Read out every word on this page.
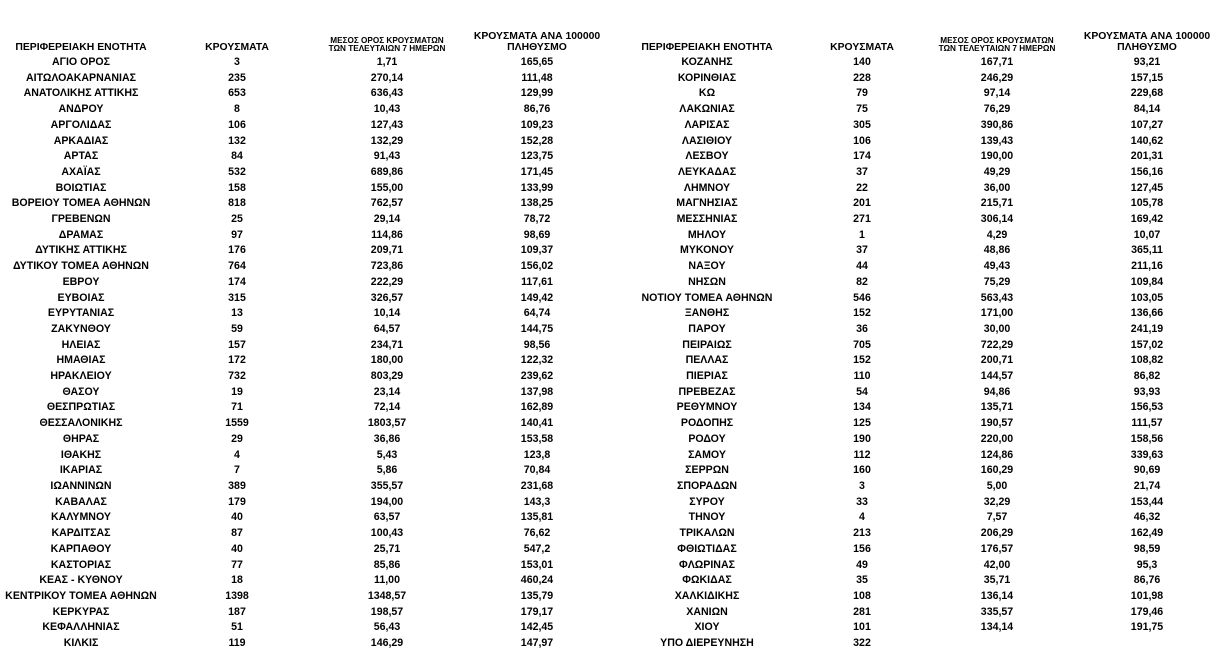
ΠΕΡΙΦΕΡΕΙΑΚΗ ΕΝΟΤΗΤΑ	ΚΡΟΥΣΜΑΤΑ	ΜΕΣΟΣ ΟΡΟΣ ΚΡΟΥΣΜΑΤΩΝ
ΤΩΝ ΤΕΛΕΥΤΑΙΩΝ 7 ΗΜΕΡΩΝ	ΚΡΟΥΣΜΑΤΑ ΑΝΑ 100000
ΠΛΗΘΥΣΜΟ

ΑΓΙΟ ΟΡΟΣ	3	1,71	165,65
ΑΙΤΩΛΟΑΚΑΡΝΑΝΙΑΣ	235	270,14	111,48
ΑΝΑΤΟΛΙΚΗΣ ΑΤΤΙΚΗΣ	653	636,43	129,99
ΑΝΔΡΟΥ	8	10,43	86,76
ΑΡΓΟΛΙΔΑΣ	106	127,43	109,23
ΑΡΚΑΔΙΑΣ	132	132,29	152,28
ΑΡΤΑΣ	84	91,43	123,75
ΑΧΑΪΑΣ	532	689,86	171,45
ΒΟΙΩΤΙΑΣ	158	155,00	133,99
ΒΟΡΕΙΟΥ ΤΟΜΕΑ ΑΘΗΝΩΝ	818	762,57	138,25
ΓΡΕΒΕΝΩΝ	25	29,14	78,72
ΔΡΑΜΑΣ	97	114,86	98,69
ΔΥΤΙΚΗΣ ΑΤΤΙΚΗΣ	176	209,71	109,37
ΔΥΤΙΚΟΥ ΤΟΜΕΑ ΑΘΗΝΩΝ	764	723,86	156,02
ΕΒΡΟΥ	174	222,29	117,61
ΕΥΒΟΙΑΣ	315	326,57	149,42
ΕΥΡΥΤΑΝΙΑΣ	13	10,14	64,74
ΖΑΚΥΝΘΟΥ	59	64,57	144,75
ΗΛΕΙΑΣ	157	234,71	98,56
ΗΜΑΘΙΑΣ	172	180,00	122,32
ΗΡΑΚΛΕΙΟΥ	732	803,29	239,62
ΘΑΣΟΥ	19	23,14	137,98
ΘΕΣΠΡΩΤΙΑΣ	71	72,14	162,89
ΘΕΣΣΑΛΟΝΙΚΗΣ	1559	1803,57	140,41
ΘΗΡΑΣ	29	36,86	153,58
ΙΘΑΚΗΣ	4	5,43	123,8
ΙΚΑΡΙΑΣ	7	5,86	70,84
ΙΩΑΝΝΙΝΩΝ	389	355,57	231,68
ΚΑΒΑΛΑΣ	179	194,00	143,3
ΚΑΛΥΜΝΟΥ	40	63,57	135,81
ΚΑΡΔΙΤΣΑΣ	87	100,43	76,62
ΚΑΡΠΑΘΟΥ	40	25,71	547,2
ΚΑΣΤΟΡΙΑΣ	77	85,86	153,01
ΚΕΑΣ - ΚΥΘΝΟΥ	18	11,00	460,24
ΚΕΝΤΡΙΚΟΥ ΤΟΜΕΑ ΑΘΗΝΩΝ	1398	1348,57	135,79
ΚΕΡΚΥΡΑΣ	187	198,57	179,17
ΚΕΦΑΛΛΗΝΙΑΣ	51	56,43	142,45
ΚΙΛΚΙΣ	119	146,29	147,97
ΠΕΡΙΦΕΡΕΙΑΚΗ ΕΝΟΤΗΤΑ	ΚΡΟΥΣΜΑΤΑ	ΜΕΣΟΣ ΟΡΟΣ ΚΡΟΥΣΜΑΤΩΝ
ΤΩΝ ΤΕΛΕΥΤΑΙΩΝ 7 ΗΜΕΡΩΝ	ΚΡΟΥΣΜΑΤΑ ΑΝΑ 100000
ΠΛΗΘΥΣΜΟ

ΚΟΖΑΝΗΣ	140	167,71	93,21
ΚΟΡΙΝΘΙΑΣ	228	246,29	157,15
ΚΩ	79	97,14	229,68
ΛΑΚΩΝΙΑΣ	75	76,29	84,14
ΛΑΡΙΣΑΣ	305	390,86	107,27
ΛΑΣΙΘΙΟΥ	106	139,43	140,62
ΛΕΣΒΟΥ	174	190,00	201,31
ΛΕΥΚΑΔΑΣ	37	49,29	156,16
ΛΗΜΝΟΥ	22	36,00	127,45
ΜΑΓΝΗΣΙΑΣ	201	215,71	105,78
ΜΕΣΣΗΝΙΑΣ	271	306,14	169,42
ΜΗΛΟΥ	1	4,29	10,07
ΜΥΚΟΝΟΥ	37	48,86	365,11
ΝΑΞΟΥ	44	49,43	211,16
ΝΗΣΩΝ	82	75,29	109,84
ΝΟΤΙΟΥ ΤΟΜΕΑ ΑΘΗΝΩΝ	546	563,43	103,05
ΞΑΝΘΗΣ	152	171,00	136,66
ΠΑΡΟΥ	36	30,00	241,19
ΠΕΙΡΑΙΩΣ	705	722,29	157,02
ΠΕΛΛΑΣ	152	200,71	108,82
ΠΙΕΡΙΑΣ	110	144,57	86,82
ΠΡΕΒΕΖΑΣ	54	94,86	93,93
ΡΕΘΥΜΝΟΥ	134	135,71	156,53
ΡΟΔΟΠΗΣ	125	190,57	111,57
ΡΟΔΟΥ	190	220,00	158,56
ΣΑΜΟΥ	112	124,86	339,63
ΣΕΡΡΩΝ	160	160,29	90,69
ΣΠΟΡΑΔΩΝ	3	5,00	21,74
ΣΥΡΟΥ	33	32,29	153,44
ΤΗΝΟΥ	4	7,57	46,32
ΤΡΙΚΑΛΩΝ	213	206,29	162,49
ΦΘΙΩΤΙΔΑΣ	156	176,57	98,59
ΦΛΩΡΙΝΑΣ	49	42,00	95,3
ΦΩΚΙΔΑΣ	35	35,71	86,76
ΧΑΛΚΙΔΙΚΗΣ	108	136,14	101,98
ΧΑΝΙΩΝ	281	335,57	179,46
ΧΙΟΥ	101	134,14	191,75
ΥΠΟ ΔΙΕΡΕΥΝΗΣΗ	322		
